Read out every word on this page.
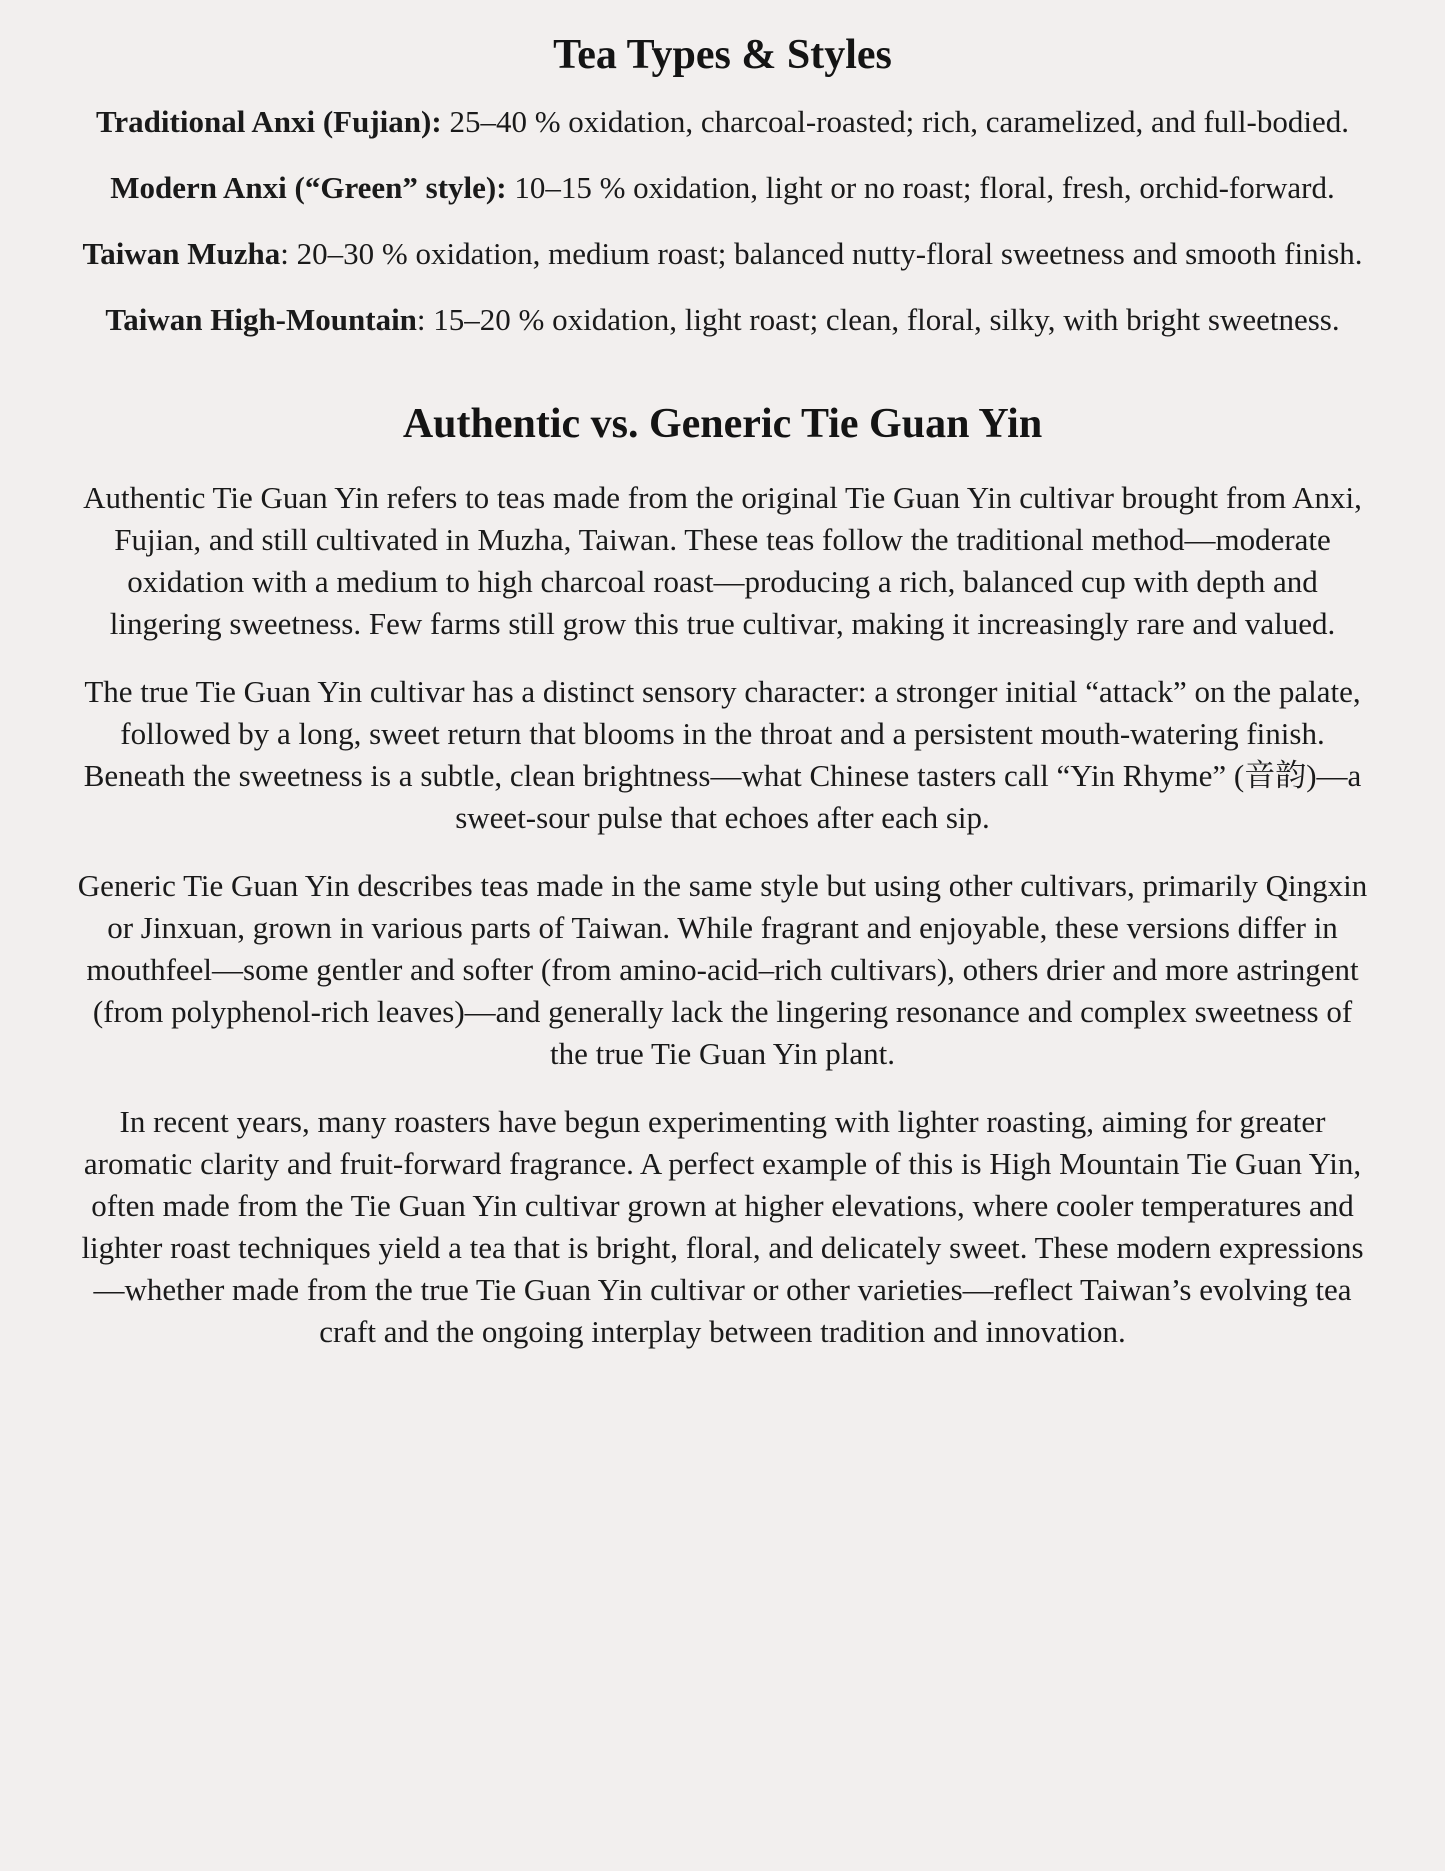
Tea Types & Styles

Traditional Anxi (Fujian): 25–40 % oxidation, charcoal-roasted; rich, caramelized, and full-bodied.

Modern Anxi (“Green” style): 10–15 % oxidation, light or no roast; floral, fresh, orchid-forward.

Taiwan Muzha: 20–30 % oxidation, medium roast; balanced nutty-floral sweetness and smooth finish.

Taiwan High-Mountain: 15–20 % oxidation, light roast; clean, floral, silky, with bright sweetness.

Authentic vs. Generic Tie Guan Yin

Authentic Tie Guan Yin refers to teas made from the original Tie Guan Yin cultivar brought from Anxi, Fujian, and still cultivated in Muzha, Taiwan. These teas follow the traditional method—moderate oxidation with a medium to high charcoal roast—producing a rich, balanced cup with depth and lingering sweetness. Few farms still grow this true cultivar, making it increasingly rare and valued.

The true Tie Guan Yin cultivar has a distinct sensory character: a stronger initial “attack” on the palate, followed by a long, sweet return that blooms in the throat and a persistent mouth-watering finish. Beneath the sweetness is a subtle, clean brightness—what Chinese tasters call “Yin Rhyme” (音韵)—a sweet-sour pulse that echoes after each sip.

Generic Tie Guan Yin describes teas made in the same style but using other cultivars, primarily Qingxin or Jinxuan, grown in various parts of Taiwan. While fragrant and enjoyable, these versions differ in mouthfeel—some gentler and softer (from amino-acid–rich cultivars), others drier and more astringent (from polyphenol-rich leaves)—and generally lack the lingering resonance and complex sweetness of the true Tie Guan Yin plant.

In recent years, many roasters have begun experimenting with lighter roasting, aiming for greater aromatic clarity and fruit-forward fragrance. A perfect example of this is High Mountain Tie Guan Yin, often made from the Tie Guan Yin cultivar grown at higher elevations, where cooler temperatures and lighter roast techniques yield a tea that is bright, floral, and delicately sweet. These modern expressions—whether made from the true Tie Guan Yin cultivar or other varieties—reflect Taiwan’s evolving tea craft and the ongoing interplay between tradition and innovation.
